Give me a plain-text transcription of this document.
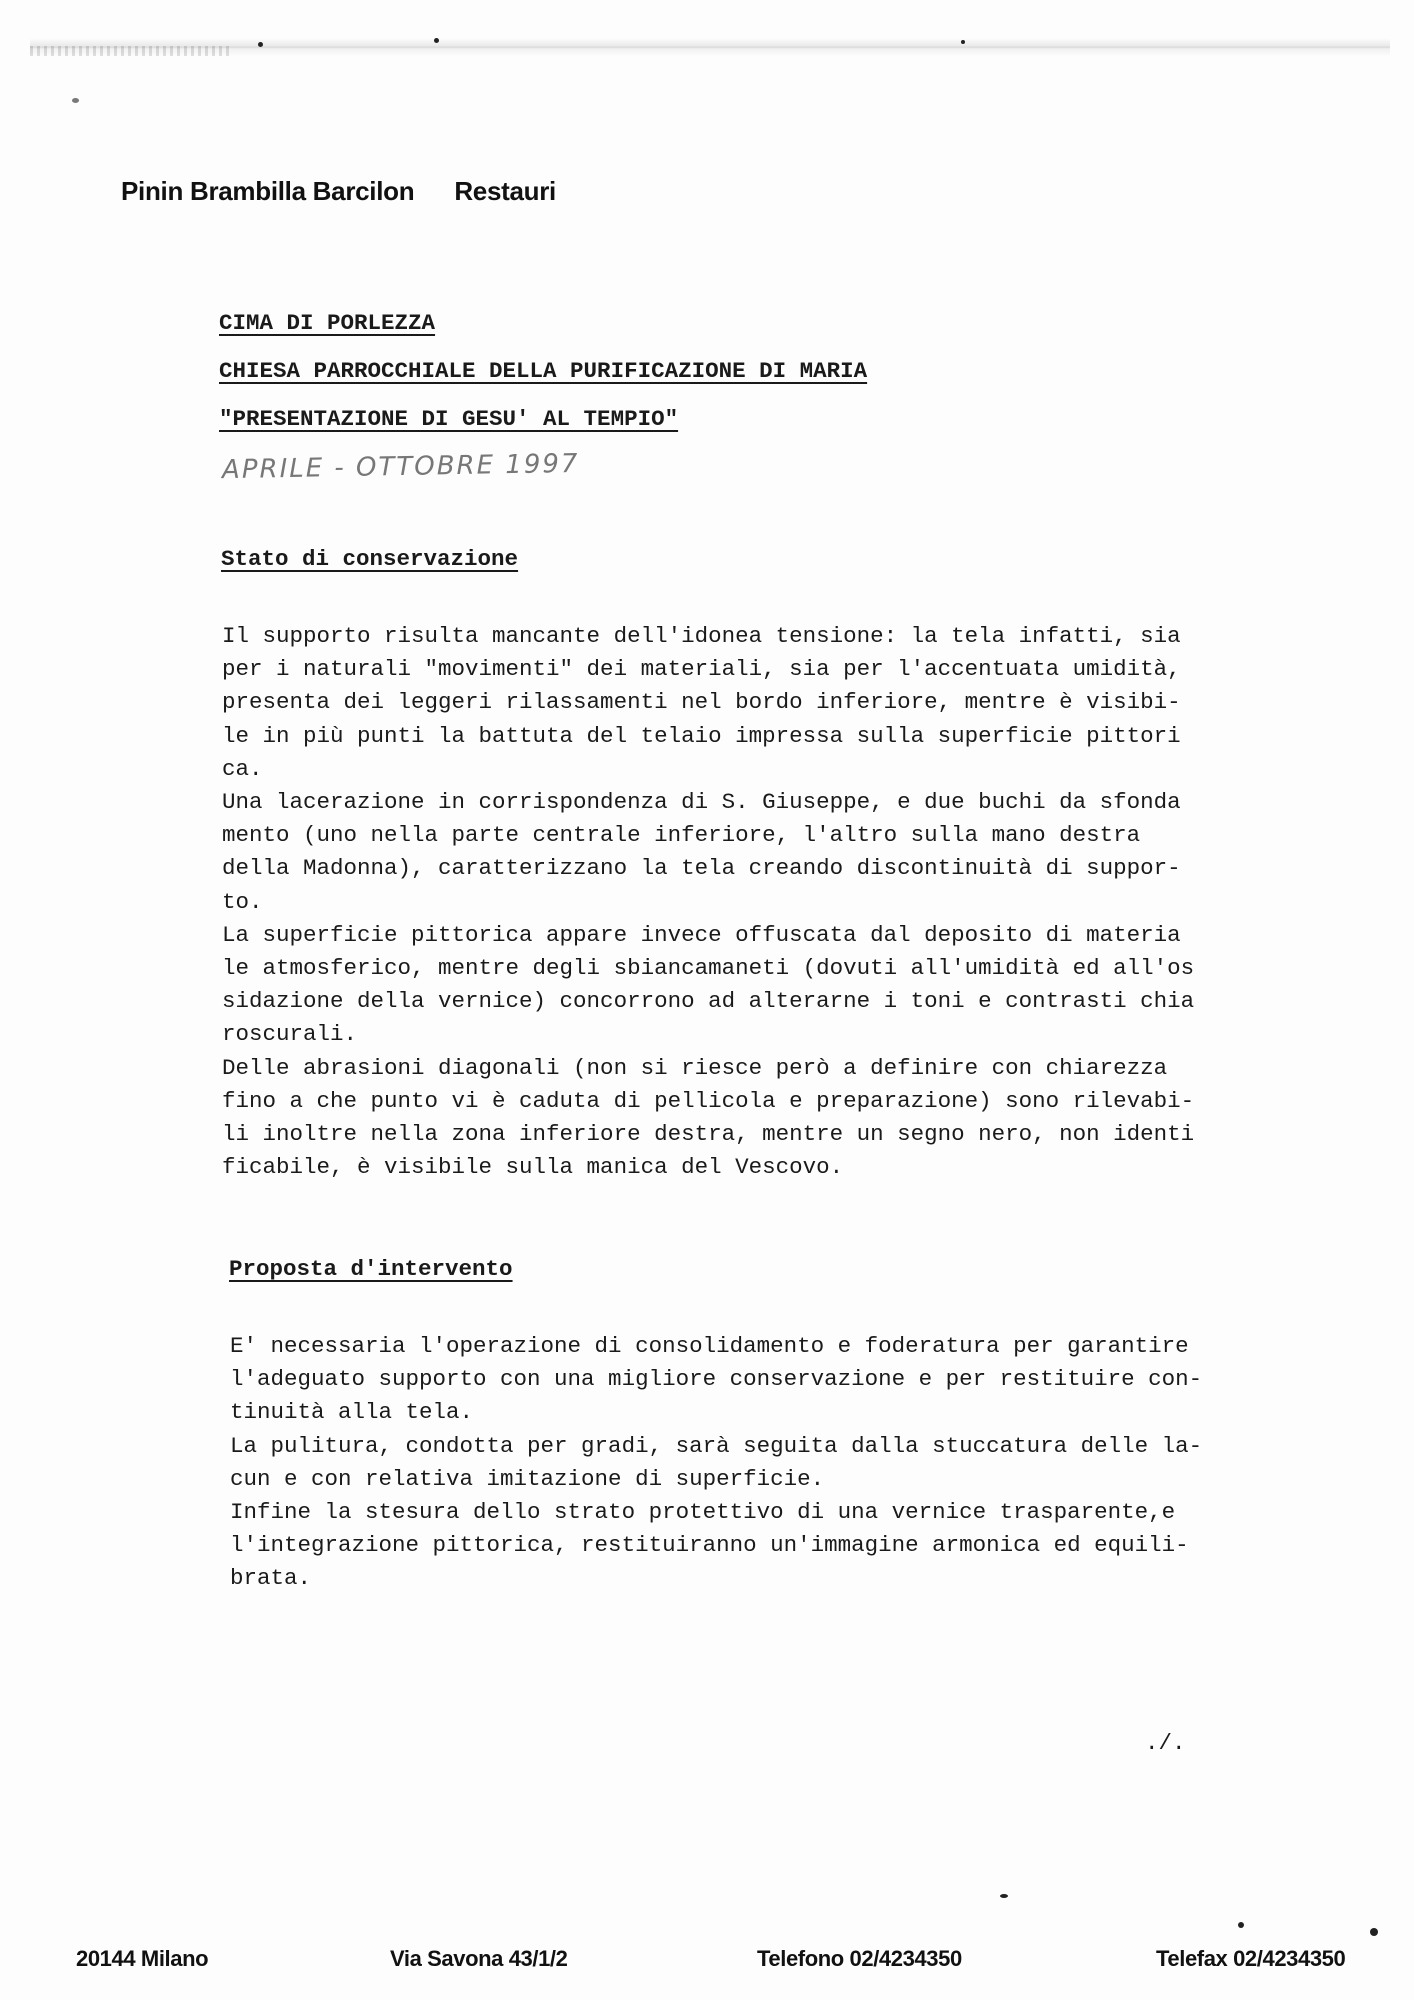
Pinin Brambilla Barcilon Restauri
CIMA DI PORLEZZA
CHIESA PARROCCHIALE DELLA PURIFICAZIONE DI MARIA
"PRESENTAZIONE DI GESU' AL TEMPIO"
APRILE - OTTOBRE 1997
Stato di conservazione
Il supporto risulta mancante dell'idonea tensione: la tela infatti, sia
per i naturali "movimenti" dei materiali, sia per l'accentuata umidità,
presenta dei leggeri rilassamenti nel bordo inferiore, mentre è visibi-
le in più punti la battuta del telaio impressa sulla superficie pittori
ca.
Una lacerazione in corrispondenza di S. Giuseppe, e due buchi da sfonda
mento (uno nella parte centrale inferiore, l'altro sulla mano destra
della Madonna), caratterizzano la tela creando discontinuità di suppor-
to.
La superficie pittorica appare invece offuscata dal deposito di materia
le atmosferico, mentre degli sbiancamaneti (dovuti all'umidità ed all'os
sidazione della vernice) concorrono ad alterarne i toni e contrasti chia
roscurali.
Delle abrasioni diagonali (non si riesce però a definire con chiarezza
fino a che punto vi è caduta di pellicola e preparazione) sono rilevabi-
li inoltre nella zona inferiore destra, mentre un segno nero, non identi
ficabile, è visibile sulla manica del Vescovo.
Proposta d'intervento
E' necessaria l'operazione di consolidamento e foderatura per garantire
l'adeguato supporto con una migliore conservazione e per restituire con-
tinuità alla tela.
La pulitura, condotta per gradi, sarà seguita dalla stuccatura delle la-
cun e con relativa imitazione di superficie.
Infine la stesura dello strato protettivo di una vernice trasparente,e
l'integrazione pittorica, restituiranno un'immagine armonica ed equili-
brata.
./.
20144 Milano	Via Savona 43/1/2	Telefono 02/4234350	Telefax 02/4234350
